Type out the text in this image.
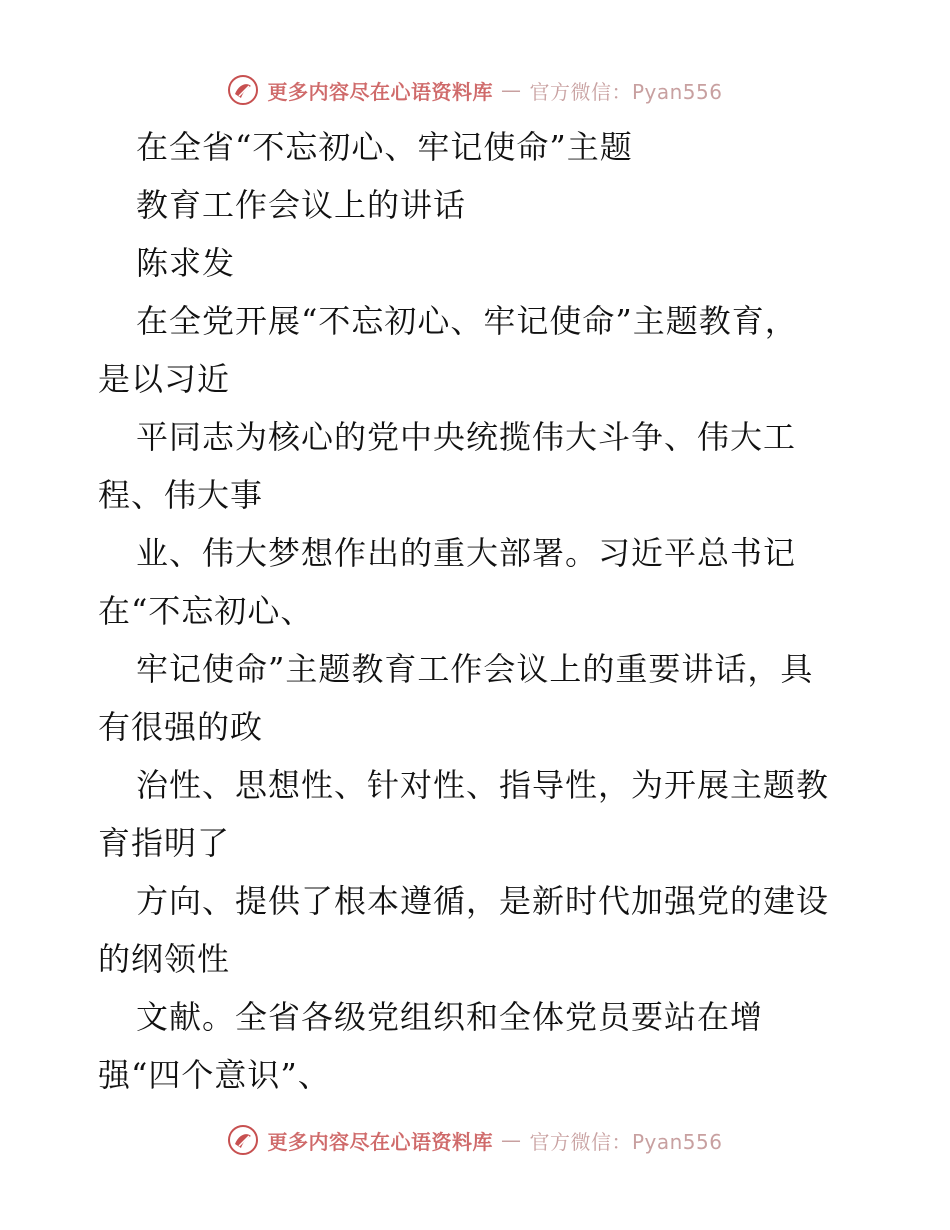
更多内容尽在心语资料库 — 官方微信：Pyan556
在全省“不忘初心、牢记使命”主题
教育工作会议上的讲话
陈求发
在全党开展“不忘初心、牢记使命”主题教育，
是以习近
平同志为核心的党中央统揽伟大斗争、伟大工
程、伟大事
业、伟大梦想作出的重大部署。习近平总书记
在“不忘初心、
牢记使命”主题教育工作会议上的重要讲话，具
有很强的政
治性、思想性、针对性、指导性，为开展主题教
育指明了
方向、提供了根本遵循，是新时代加强党的建设
的纲领性
文献。全省各级党组织和全体党员要站在增
强“四个意识”、
更多内容尽在心语资料库 — 官方微信：Pyan556
